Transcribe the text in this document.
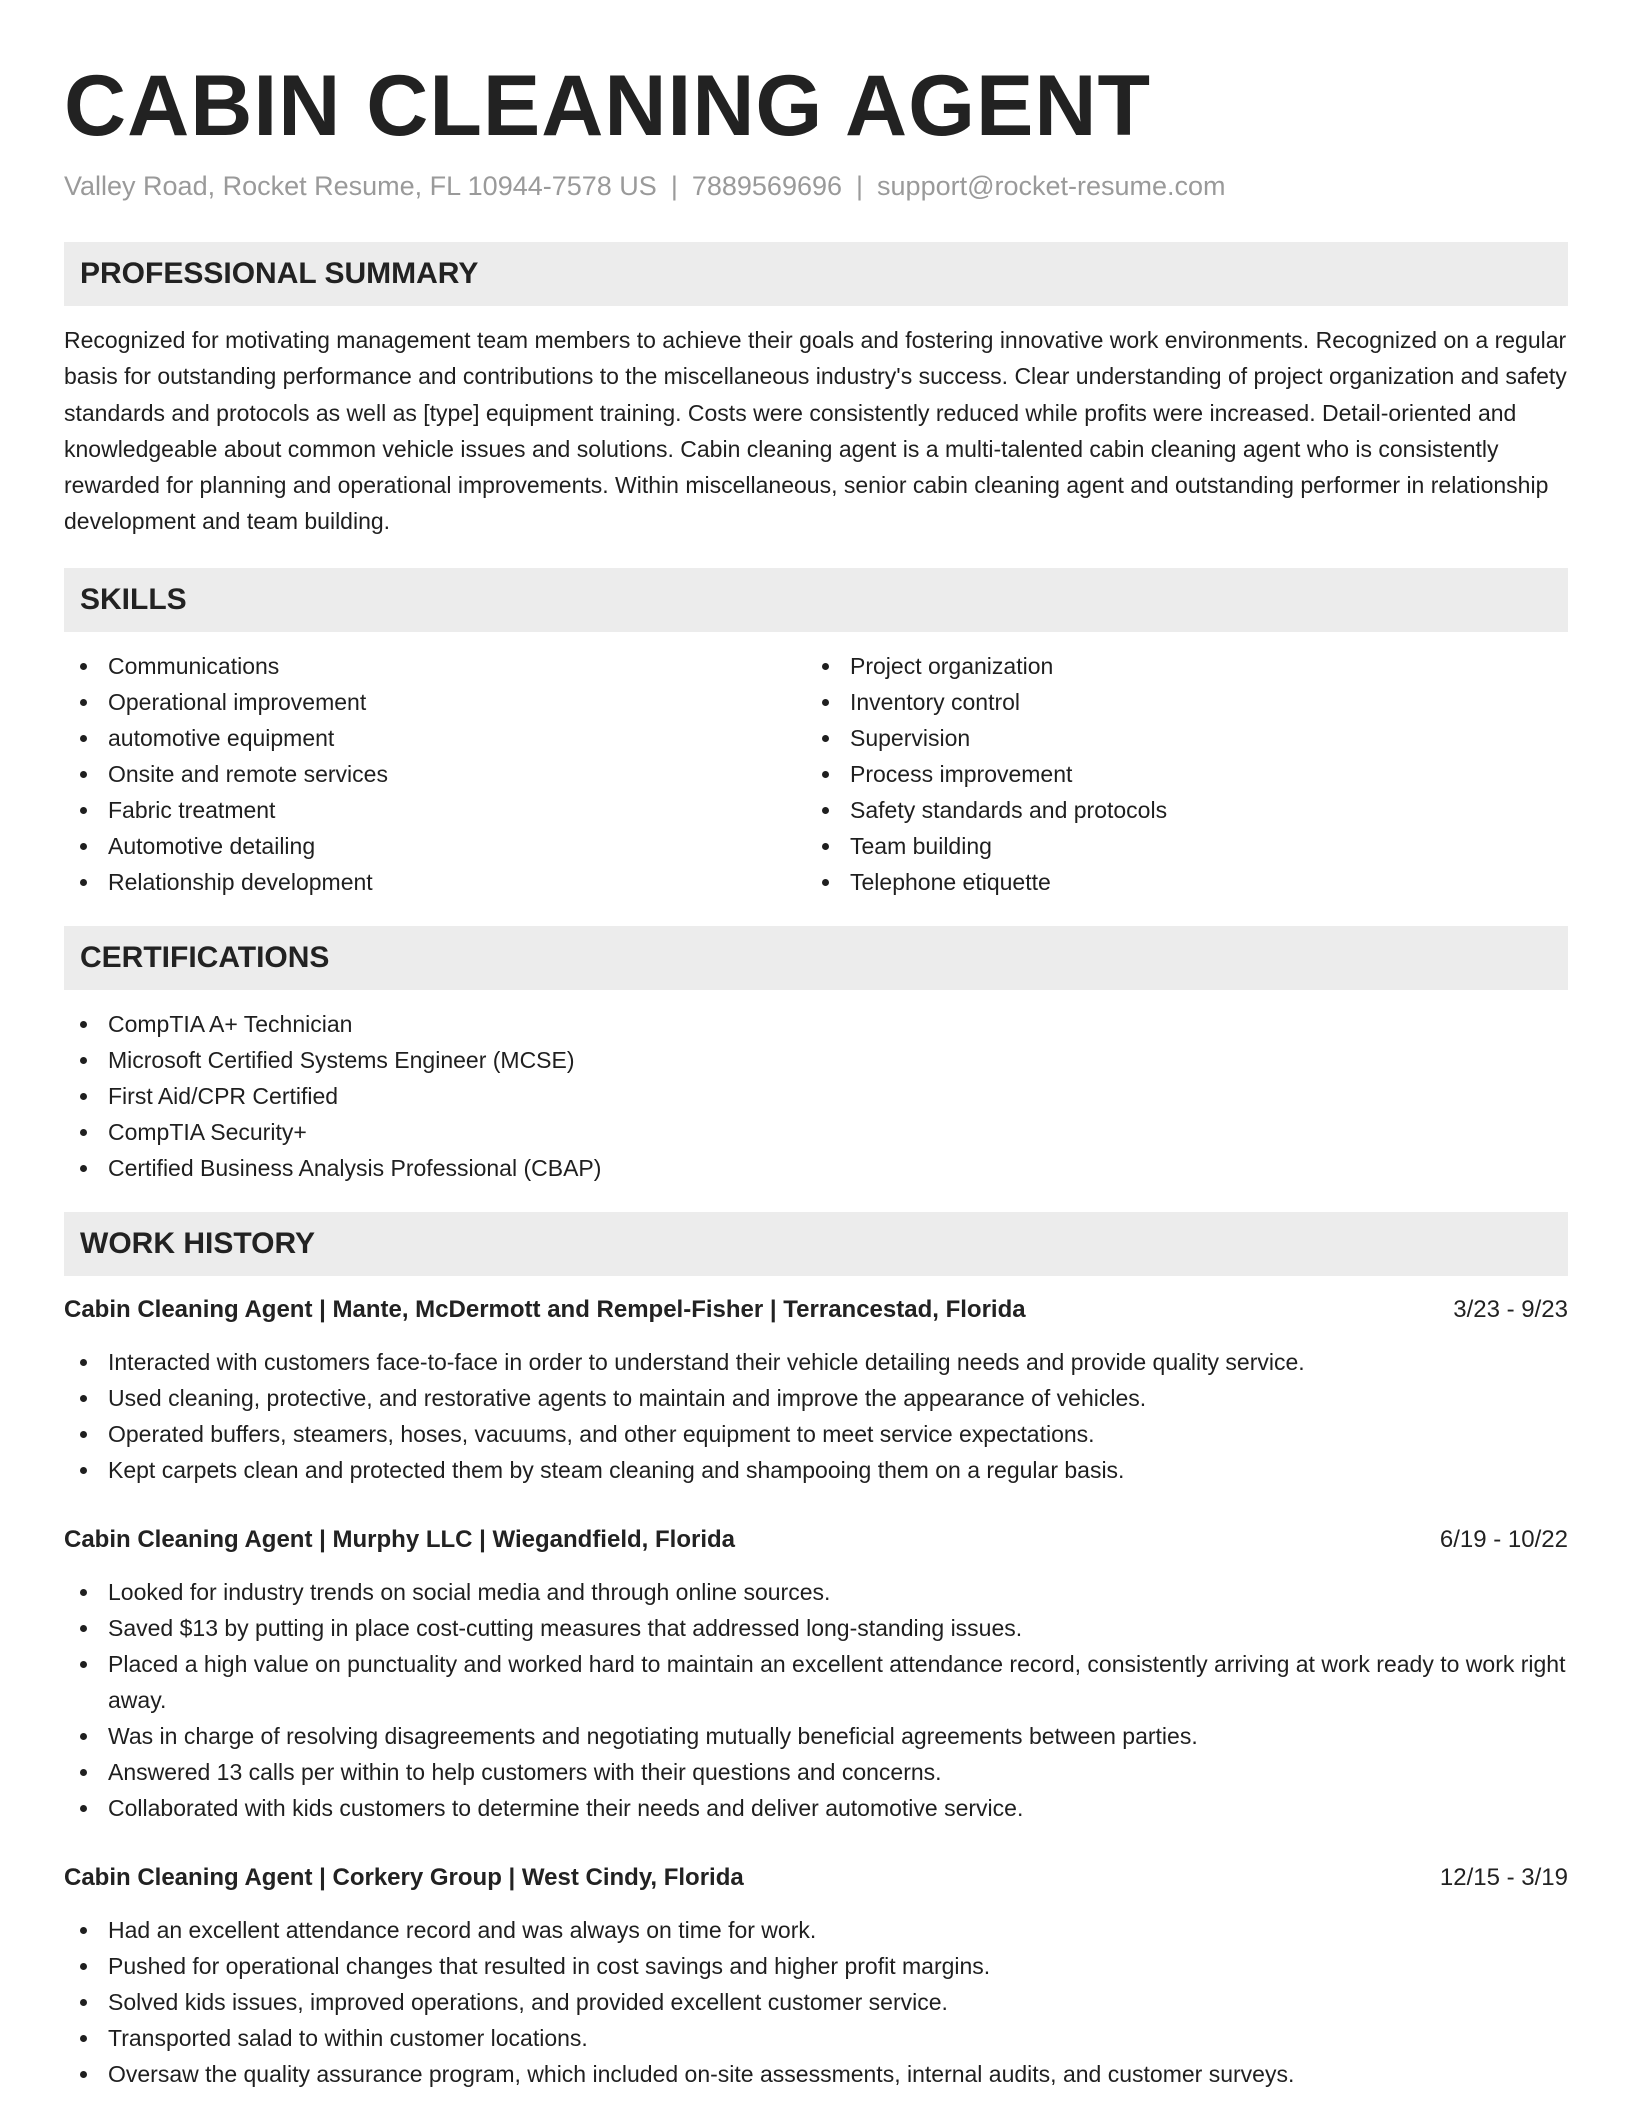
CABIN CLEANING AGENT
Valley Road, Rocket Resume, FL 10944-7578 US | 7889569696 | support@rocket-resume.com
PROFESSIONAL SUMMARY

Recognized for motivating management team members to achieve their goals and fostering innovative work environments. Recognized on a regular basis for outstanding performance and contributions to the miscellaneous industry's success. Clear understanding of project organization and safety standards and protocols as well as [type] equipment training. Costs were consistently reduced while profits were increased. Detail-oriented and knowledgeable about common vehicle issues and solutions. Cabin cleaning agent is a multi-talented cabin cleaning agent who is consistently rewarded for planning and operational improvements. Within miscellaneous, senior cabin cleaning agent and outstanding performer in relationship development and team building.

SKILLS
Communications
Operational improvement
automotive equipment
Onsite and remote services
Fabric treatment
Automotive detailing
Relationship development
Project organization
Inventory control
Supervision
Process improvement
Safety standards and protocols
Team building
Telephone etiquette
CERTIFICATIONS
CompTIA A+ Technician
Microsoft Certified Systems Engineer (MCSE)
First Aid/CPR Certified
CompTIA Security+
Certified Business Analysis Professional (CBAP)
WORK HISTORY
Cabin Cleaning Agent | Mante, McDermott and Rempel-Fisher | Terrancestad, Florida	3/23 - 9/23
Interacted with customers face-to-face in order to understand their vehicle detailing needs and provide quality service.
Used cleaning, protective, and restorative agents to maintain and improve the appearance of vehicles.
Operated buffers, steamers, hoses, vacuums, and other equipment to meet service expectations.
Kept carpets clean and protected them by steam cleaning and shampooing them on a regular basis.
Cabin Cleaning Agent | Murphy LLC | Wiegandfield, Florida	6/19 - 10/22
Looked for industry trends on social media and through online sources.
Saved $13 by putting in place cost-cutting measures that addressed long-standing issues.
Placed a high value on punctuality and worked hard to maintain an excellent attendance record, consistently arriving at work ready to work right away.
Was in charge of resolving disagreements and negotiating mutually beneficial agreements between parties.
Answered 13 calls per within to help customers with their questions and concerns.
Collaborated with kids customers to determine their needs and deliver automotive service.
Cabin Cleaning Agent | Corkery Group | West Cindy, Florida	12/15 - 3/19
Had an excellent attendance record and was always on time for work.
Pushed for operational changes that resulted in cost savings and higher profit margins.
Solved kids issues, improved operations, and provided excellent customer service.
Transported salad to within customer locations.
Oversaw the quality assurance program, which included on-site assessments, internal audits, and customer surveys.
